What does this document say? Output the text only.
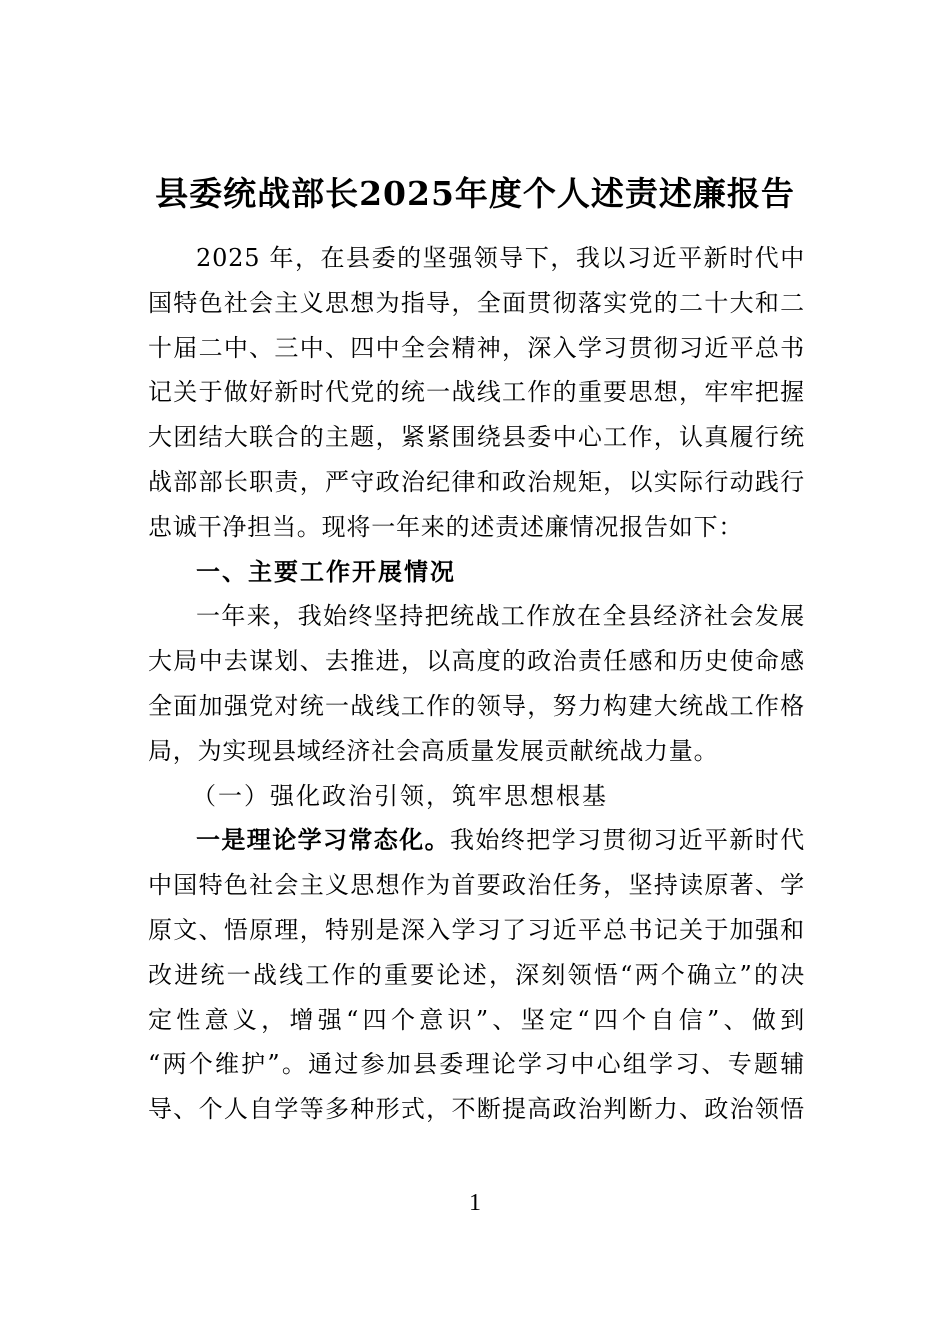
县委统战部长2025年度个人述责述廉报告
2025 年，在县委的坚强领导下，我以习近平新时代中
国特色社会主义思想为指导，全面贯彻落实党的二十大和二
十届二中、三中、四中全会精神，深入学习贯彻习近平总书
记关于做好新时代党的统一战线工作的重要思想，牢牢把握
大团结大联合的主题，紧紧围绕县委中心工作，认真履行统
战部部长职责，严守政治纪律和政治规矩，以实际行动践行
忠诚干净担当。现将一年来的述责述廉情况报告如下：
一、主要工作开展情况
一年来，我始终坚持把统战工作放在全县经济社会发展
大局中去谋划、去推进，以高度的政治责任感和历史使命感
全面加强党对统一战线工作的领导，努力构建大统战工作格
局，为实现县域经济社会高质量发展贡献统战力量。
（一）强化政治引领，筑牢思想根基
一是理论学习常态化。我始终把学习贯彻习近平新时代
中国特色社会主义思想作为首要政治任务，坚持读原著、学
原文、悟原理，特别是深入学习了习近平总书记关于加强和
改进统一战线工作的重要论述，深刻领悟“两个确立”的决
定性意义，增强“四个意识”、坚定“四个自信”、做到
“两个维护”。通过参加县委理论学习中心组学习、专题辅
导、个人自学等多种形式，不断提高政治判断力、政治领悟
1
